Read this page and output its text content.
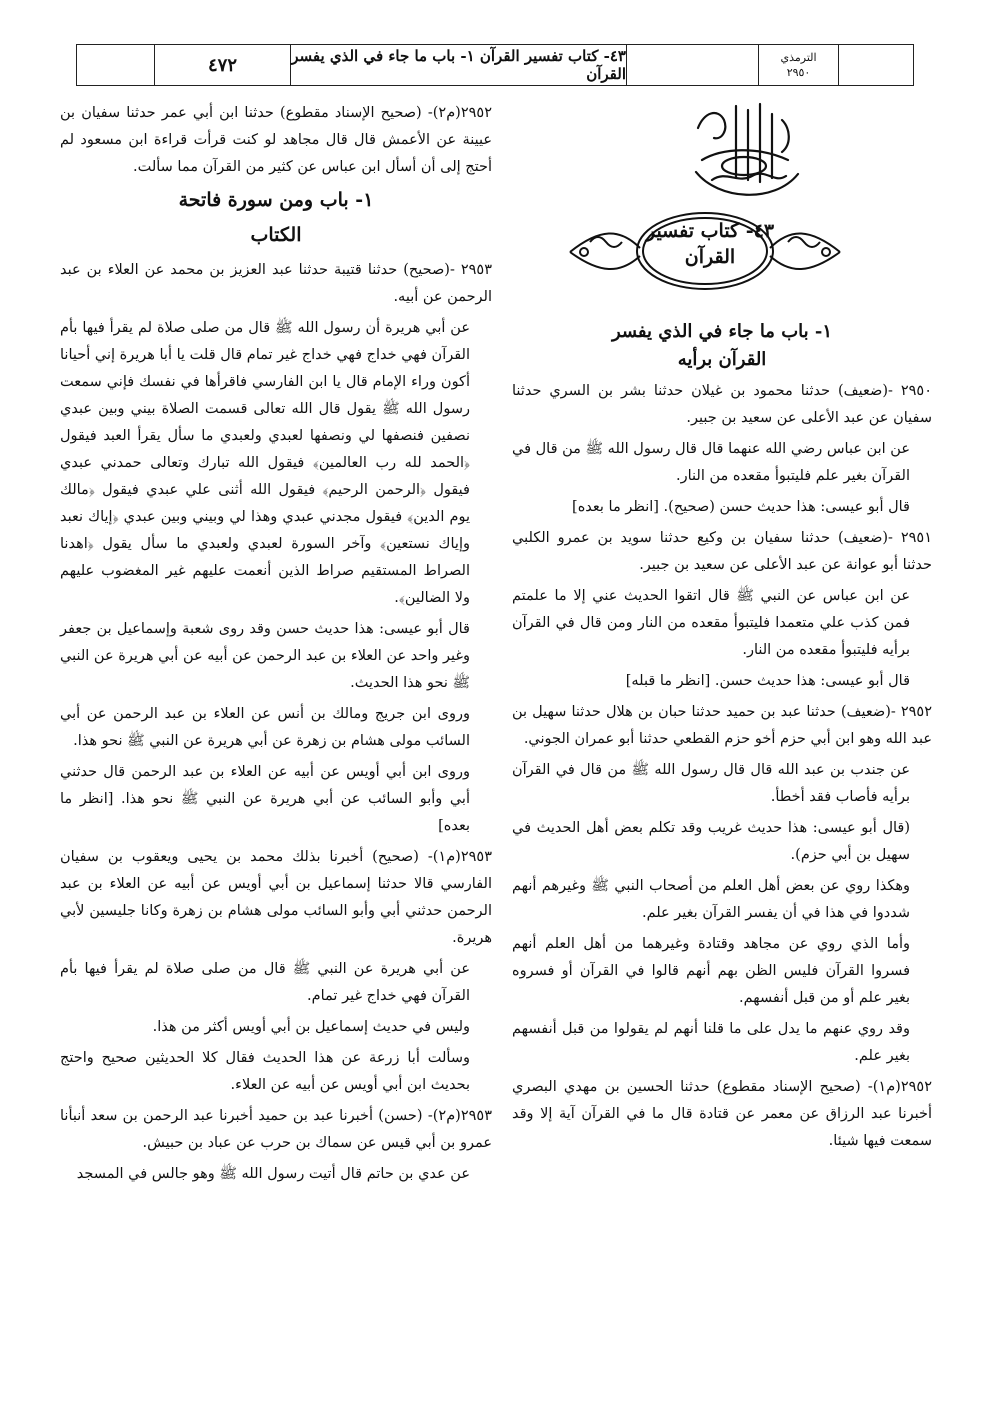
٤٧٢	٤٣- كتاب تفسير القرآن ١- باب ما جاء في الذي يفسر القرآن
الترمذي
٢٩٥٠
٤٣- كتاب تفسير
القرآن
١- باب ما جاء في الذي يفسر
القرآن برأيه

٢٩٥٠ -(ضعيف) حدثنا محمود بن غيلان حدثنا بشر بن السري حدثنا سفيان عن عبد الأعلى عن سعيد بن جبير.

عن ابن عباس رضي الله عنهما قال قال رسول الله ﷺ من قال في القرآن بغير علم فليتبوأ مقعده من النار.

قال أبو عيسى: هذا حديث حسن (صحيح). [انظر ما بعده]

٢٩٥١ -(ضعيف) حدثنا سفيان بن وكيع حدثنا سويد بن عمرو الكلبي حدثنا أبو عوانة عن عبد الأعلى عن سعيد بن جبير.

عن ابن عباس عن النبي ﷺ قال اتقوا الحديث عني إلا ما علمتم فمن كذب علي متعمدا فليتبوأ مقعده من النار ومن قال في القرآن برأيه فليتبوأ مقعده من النار.

قال أبو عيسى: هذا حديث حسن. [انظر ما قبله]

٢٩٥٢ -(ضعيف) حدثنا عبد بن حميد حدثنا حبان بن هلال حدثنا سهيل بن عبد الله وهو ابن أبي حزم أخو حزم القطعي حدثنا أبو عمران الجوني.

عن جندب بن عبد الله قال قال رسول الله ﷺ من قال في القرآن برأيه فأصاب فقد أخطأ.

(قال أبو عيسى: هذا حديث غريب وقد تكلم بعض أهل الحديث في سهيل بن أبي حزم).

وهكذا روي عن بعض أهل العلم من أصحاب النبي ﷺ وغيرهم أنهم شددوا في هذا في أن يفسر القرآن بغير علم.

وأما الذي روي عن مجاهد وقتادة وغيرهما من أهل العلم أنهم فسروا القرآن فليس الظن بهم أنهم قالوا في القرآن أو فسروه بغير علم أو من قبل أنفسهم.

وقد روي عنهم ما يدل على ما قلنا أنهم لم يقولوا من قبل أنفسهم بغير علم.

٢٩٥٢(م١)- (صحيح الإسناد مقطوع) حدثنا الحسين بن مهدي البصري أخبرنا عبد الرزاق عن معمر عن قتادة قال ما في القرآن آية إلا وقد سمعت فيها شيئا.

٢٩٥٢(م٢)- (صحيح الإسناد مقطوع) حدثنا ابن أبي عمر حدثنا سفيان بن عيينة عن الأعمش قال قال مجاهد لو كنت قرأت قراءة ابن مسعود لم أحتج إلى أن أسأل ابن عباس عن كثير من القرآن مما سألت.

١- باب ومن سورة فاتحة
الكتاب

٢٩٥٣ -(صحيح) حدثنا قتيبة حدثنا عبد العزيز بن محمد عن العلاء بن عبد الرحمن عن أبيه.

عن أبي هريرة أن رسول الله ﷺ قال من صلى صلاة لم يقرأ فيها بأم القرآن فهي خداج فهي خداج غير تمام قال قلت يا أبا هريرة إني أحيانا أكون وراء الإمام قال يا ابن الفارسي فاقرأها في نفسك فإني سمعت رسول الله ﷺ يقول قال الله تعالى قسمت الصلاة بيني وبين عبدي نصفين فنصفها لي ونصفها لعبدي ولعبدي ما سأل يقرأ العبد فيقول ﴿الحمد لله رب العالمين﴾ فيقول الله تبارك وتعالى حمدني عبدي فيقول ﴿الرحمن الرحيم﴾ فيقول الله أثنى علي عبدي فيقول ﴿مالك يوم الدين﴾ فيقول مجدني عبدي وهذا لي وبيني وبين عبدي ﴿إياك نعبد وإياك نستعين﴾ وآخر السورة لعبدي ولعبدي ما سأل يقول ﴿اهدنا الصراط المستقيم صراط الذين أنعمت عليهم غير المغضوب عليهم ولا الضالين﴾.

قال أبو عيسى: هذا حديث حسن وقد روى شعبة وإسماعيل بن جعفر وغير واحد عن العلاء بن عبد الرحمن عن أبيه عن أبي هريرة عن النبي ﷺ نحو هذا الحديث.

وروى ابن جريج ومالك بن أنس عن العلاء بن عبد الرحمن عن أبي السائب مولى هشام بن زهرة عن أبي هريرة عن النبي ﷺ نحو هذا.

وروى ابن أبي أويس عن أبيه عن العلاء بن عبد الرحمن قال حدثني أبي وأبو السائب عن أبي هريرة عن النبي ﷺ نحو هذا. [انظر ما بعده]

٢٩٥٣(م١)- (صحيح) أخبرنا بذلك محمد بن يحيى ويعقوب بن سفيان الفارسي قالا حدثنا إسماعيل بن أبي أويس عن أبيه عن العلاء بن عبد الرحمن حدثني أبي وأبو السائب مولى هشام بن زهرة وكانا جليسين لأبي هريرة.

عن أبي هريرة عن النبي ﷺ قال من صلى صلاة لم يقرأ فيها بأم القرآن فهي خداج غير تمام.

وليس في حديث إسماعيل بن أبي أويس أكثر من هذا.

وسألت أبا زرعة عن هذا الحديث فقال كلا الحديثين صحيح واحتج بحديث ابن أبي أويس عن أبيه عن العلاء.

٢٩٥٣(م٢)- (حسن) أخبرنا عبد بن حميد أخبرنا عبد الرحمن بن سعد أنبأنا عمرو بن أبي قيس عن سماك بن حرب عن عباد بن حبيش.

عن عدي بن حاتم قال أتيت رسول الله ﷺ وهو جالس في المسجد
